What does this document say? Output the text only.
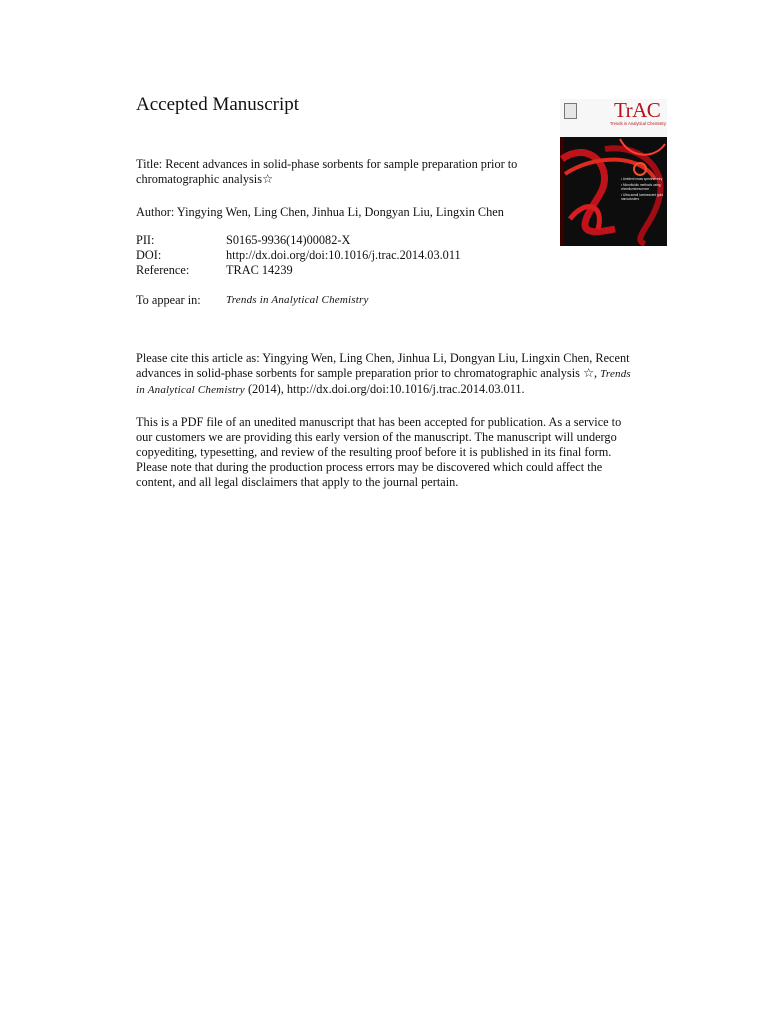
Accepted Manuscript
Title: Recent advances in solid-phase sorbents for sample preparation prior to chromatographic analysis☆
Author: Yingying Wen, Ling Chen, Jinhua Li, Dongyan Liu, Lingxin Chen
PII:	S0165-9936(14)00082-X
DOI:	http://dx.doi.org/doi:10.1016/j.trac.2014.03.011
Reference:	TRAC 14239
To appear in:	Trends in Analytical Chemistry

Please cite this article as: Yingying Wen, Ling Chen, Jinhua Li, Dongyan Liu, Lingxin Chen, Recent advances in solid-phase sorbents for sample preparation prior to chromatographic analysis ☆, Trends in Analytical Chemistry (2014), http://dx.doi.org/doi:10.1016/j.trac.2014.03.011.

This is a PDF file of an unedited manuscript that has been accepted for publication. As a service to our customers we are providing this early version of the manuscript. The manuscript will undergo copyediting, typesetting, and review of the resulting proof before it is published in its final form. Please note that during the production process errors may be discovered which could affect the content, and all legal disclaimers that apply to the journal pertain.

TrAC
Trends in Analytical Chemistry
• Ambient mass spectrometry
• Microfluidic methods using chemiluminescence
• Ultra-small luminescent gold nanoclusters
